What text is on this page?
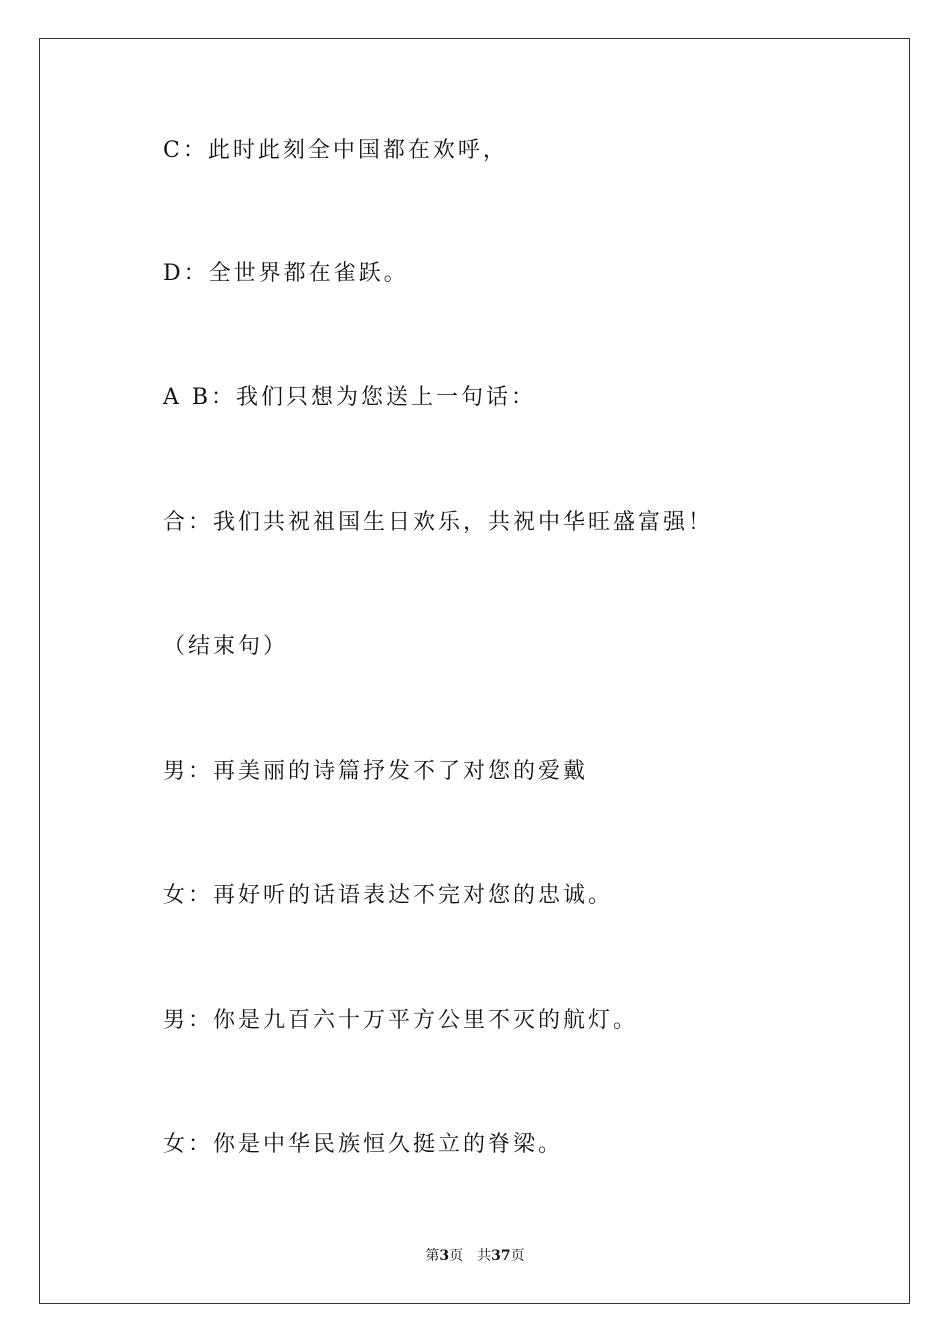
C：此时此刻全中国都在欢呼，
D：全世界都在雀跃。
A B：我们只想为您送上一句话：
合：我们共祝祖国生日欢乐，共祝中华旺盛富强！
（结束句）
男：再美丽的诗篇抒发不了对您的爱戴
女：再好听的话语表达不完对您的忠诚。
男：你是九百六十万平方公里不灭的航灯。
女：你是中华民族恒久挺立的脊梁。
第3页 共37页
